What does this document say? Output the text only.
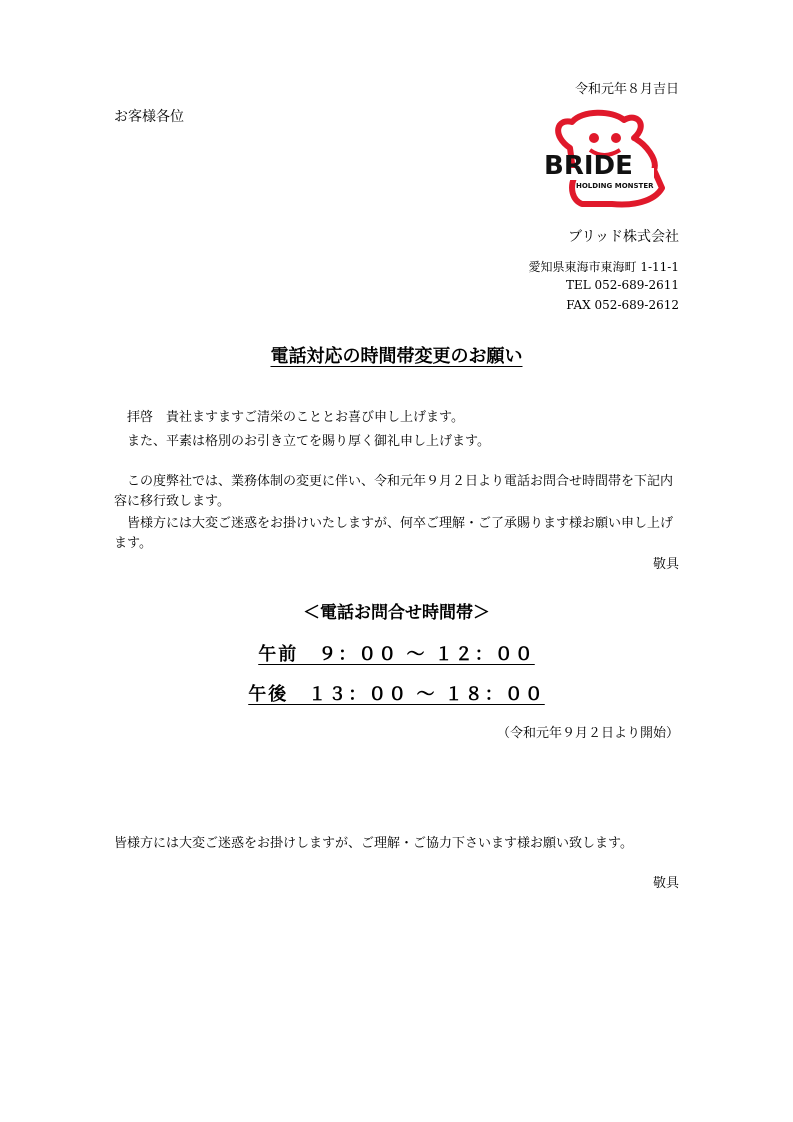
令和元年８月吉日
お客様各位
BRIDE
HOLDING MONSTER
ブリッド株式会社
愛知県東海市東海町 1-11-1
TEL 052-689-2611
FAX 052-689-2612
電話対応の時間帯変更のお願い
　拝啓　貴社ますますご清栄のこととお喜び申し上げます。
　また、平素は格別のお引き立てを賜り厚く御礼申し上げます。
　この度弊社では、業務体制の変更に伴い、令和元年９月２日より電話お問合せ時間帯を下記内容に移行致します。
　皆様方には大変ご迷惑をお掛けいたしますが、何卒ご理解・ご了承賜ります様お願い申し上げます。
敬具
＜電話お問合せ時間帯＞
午前　９：００ ～ １２：００
午後　１３：００ ～ １８：００
（令和元年９月２日より開始）
皆様方には大変ご迷惑をお掛けしますが、ご理解・ご協力下さいます様お願い致します。
敬具
